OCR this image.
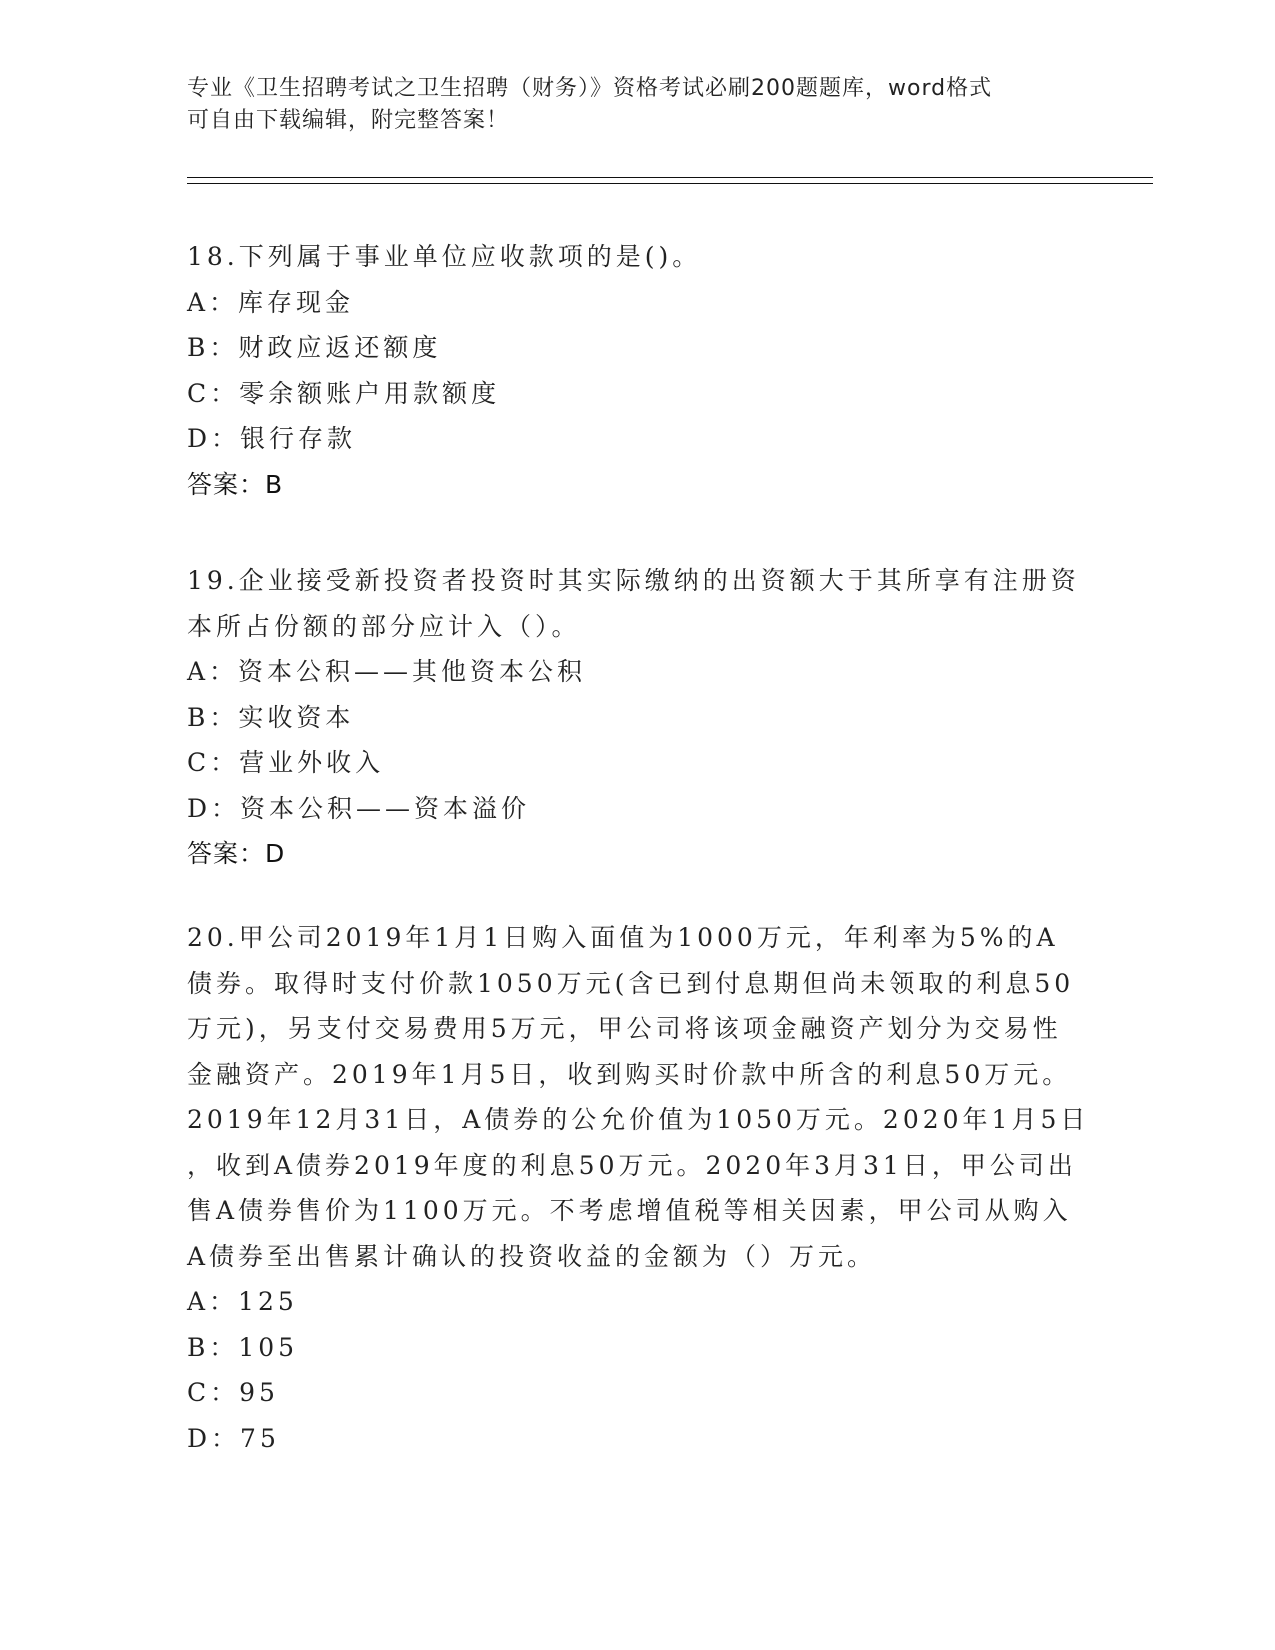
专业《卫生招聘考试之卫生招聘（财务）》资格考试必刷200题题库，word格式
可自由下载编辑，附完整答案！
18.下列属于事业单位应收款项的是()。
A：库存现金
B：财政应返还额度
C：零余额账户用款额度
D：银行存款
答案：B
19.企业接受新投资者投资时其实际缴纳的出资额大于其所享有注册资
本所占份额的部分应计入（）。
A：资本公积——其他资本公积
B：实收资本
C：营业外收入
D：资本公积——资本溢价
答案：D
20.甲公司2019年1月1日购入面值为1000万元，年利率为5%的A
债券。取得时支付价款1050万元(含已到付息期但尚未领取的利息50
万元)，另支付交易费用5万元，甲公司将该项金融资产划分为交易性
金融资产。2019年1月5日，收到购买时价款中所含的利息50万元。
2019年12月31日，A债券的公允价值为1050万元。2020年1月5日
，收到A债券2019年度的利息50万元。2020年3月31日，甲公司出
售A债券售价为1100万元。不考虑增值税等相关因素，甲公司从购入
A债券至出售累计确认的投资收益的金额为（）万元。
A：125
B：105
C：95
D：75
